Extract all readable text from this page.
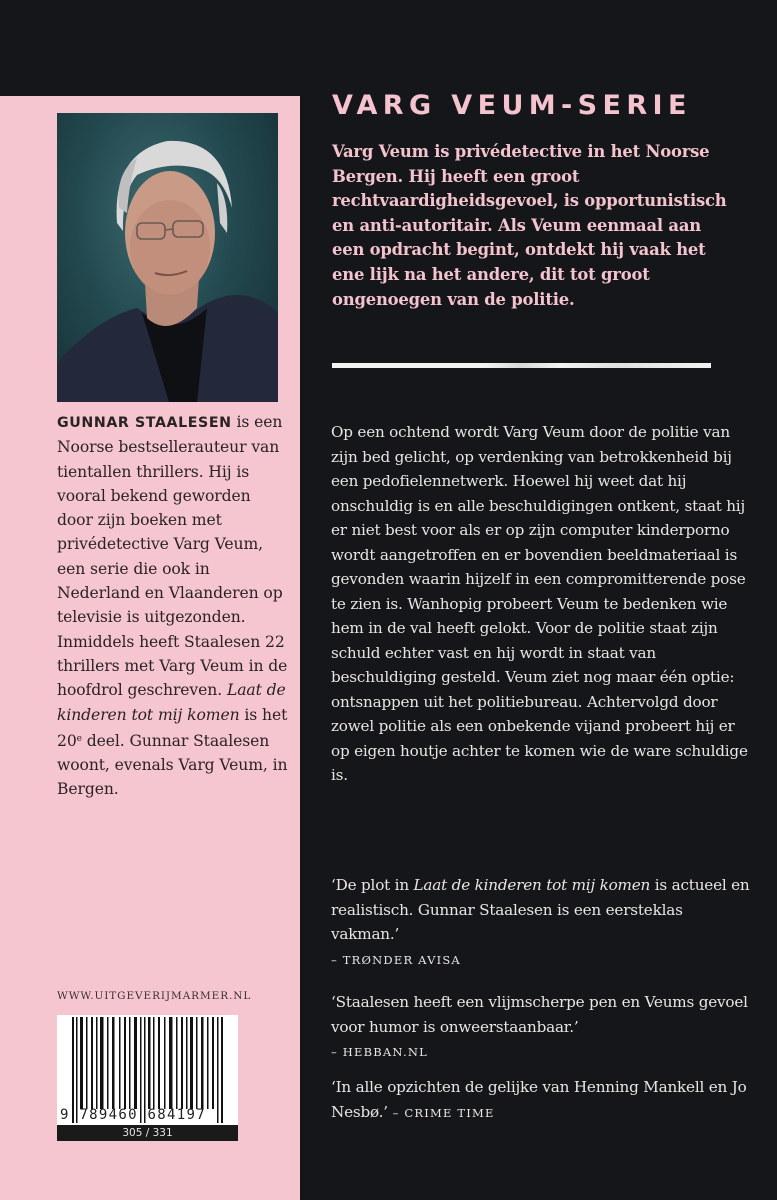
GUNNAR STAALESEN is een Noorse bestsellerauteur van tientallen thrillers. Hij is vooral bekend geworden door zijn boeken met privédetective Varg Veum, een serie die ook in Nederland en Vlaanderen op televisie is uitgezonden. Inmiddels heeft Staalesen 22 thrillers met Varg Veum in de hoofdrol geschreven. Laat de kinderen tot mij komen is het 20e deel. Gunnar Staalesen woont, evenals Varg Veum, in Bergen.
WWW.UITGEVERIJMARMER.NL
9 789460 684197
305 / 331
VARG VEUM-SERIE
Varg Veum is privédetective in het Noorse Bergen. Hij heeft een groot rechtvaardigheidsgevoel, is opportunistisch en anti-autoritair. Als Veum eenmaal aan een opdracht begint, ontdekt hij vaak het ene lijk na het andere, dit tot groot ongenoegen van de politie.
Op een ochtend wordt Varg Veum door de politie van zijn bed gelicht, op verdenking van betrokkenheid bij een pedofielennetwerk. Hoewel hij weet dat hij onschuldig is en alle beschuldigingen ontkent, staat hij er niet best voor als er op zijn computer kinderporno wordt aangetroffen en er bovendien beeldmateriaal is gevonden waarin hijzelf in een compromitterende pose te zien is. Wanhopig probeert Veum te bedenken wie hem in de val heeft gelokt. Voor de politie staat zijn schuld echter vast en hij wordt in staat van beschuldiging gesteld. Veum ziet nog maar één optie: ontsnappen uit het politiebureau. Achtervolgd door zowel politie als een onbekende vijand probeert hij er op eigen houtje achter te komen wie de ware schuldige is.
‘De plot in Laat de kinderen tot mij komen is actueel en realistisch. Gunnar Staalesen is een eersteklas vakman.’
– TRØNDER AVISA
‘Staalesen heeft een vlijmscherpe pen en Veums gevoel voor humor is onweerstaanbaar.’
– HEBBAN.NL
‘In alle opzichten de gelijke van Henning Mankell en Jo Nesbø.’ – CRIME TIME
